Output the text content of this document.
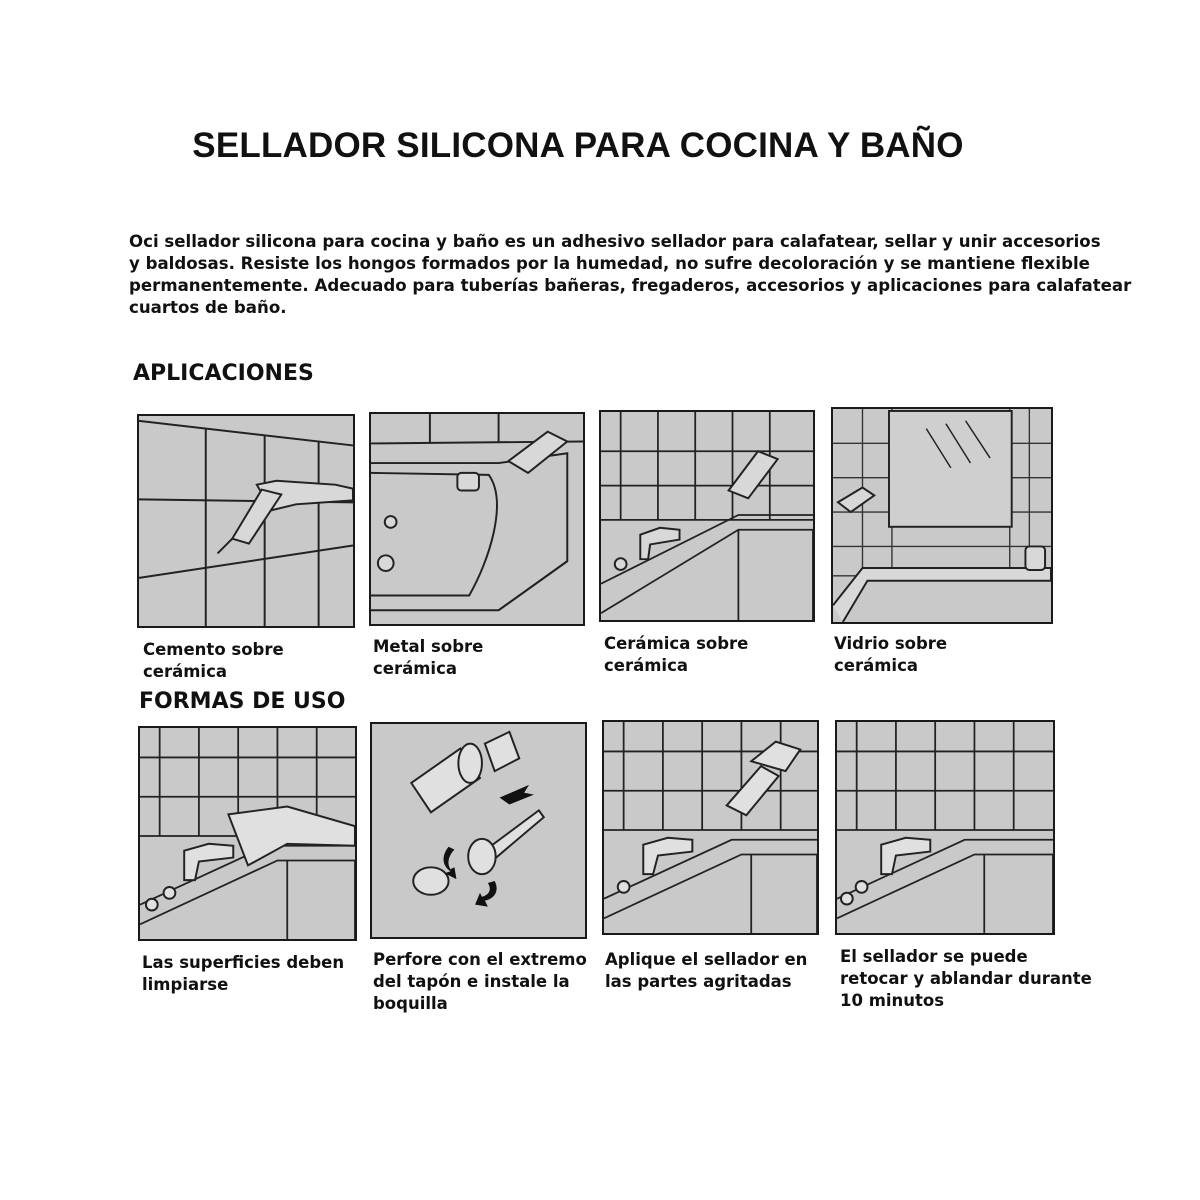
SELLADOR SILICONA PARA COCINA Y BAÑO
Oci sellador silicona para cocina y baño es un adhesivo sellador para calafatear, sellar y unir accesorios
y baldosas. Resiste los hongos formados por la humedad, no sufre decoloración y se mantiene flexible
permanentemente. Adecuado para tuberías bañeras, fregaderos, accesorios y aplicaciones para calafatear
cuartos de baño.
APLICACIONES
Cemento sobre
cerámica
Metal sobre
cerámica
Cerámica sobre
cerámica
Vidrio sobre
cerámica
FORMAS DE USO
Las superficies deben
limpiarse
Perfore con el extremo
del tapón e instale la
boquilla
Aplique el sellador en
las partes agritadas
El sellador se puede
retocar y ablandar durante
10 minutos
